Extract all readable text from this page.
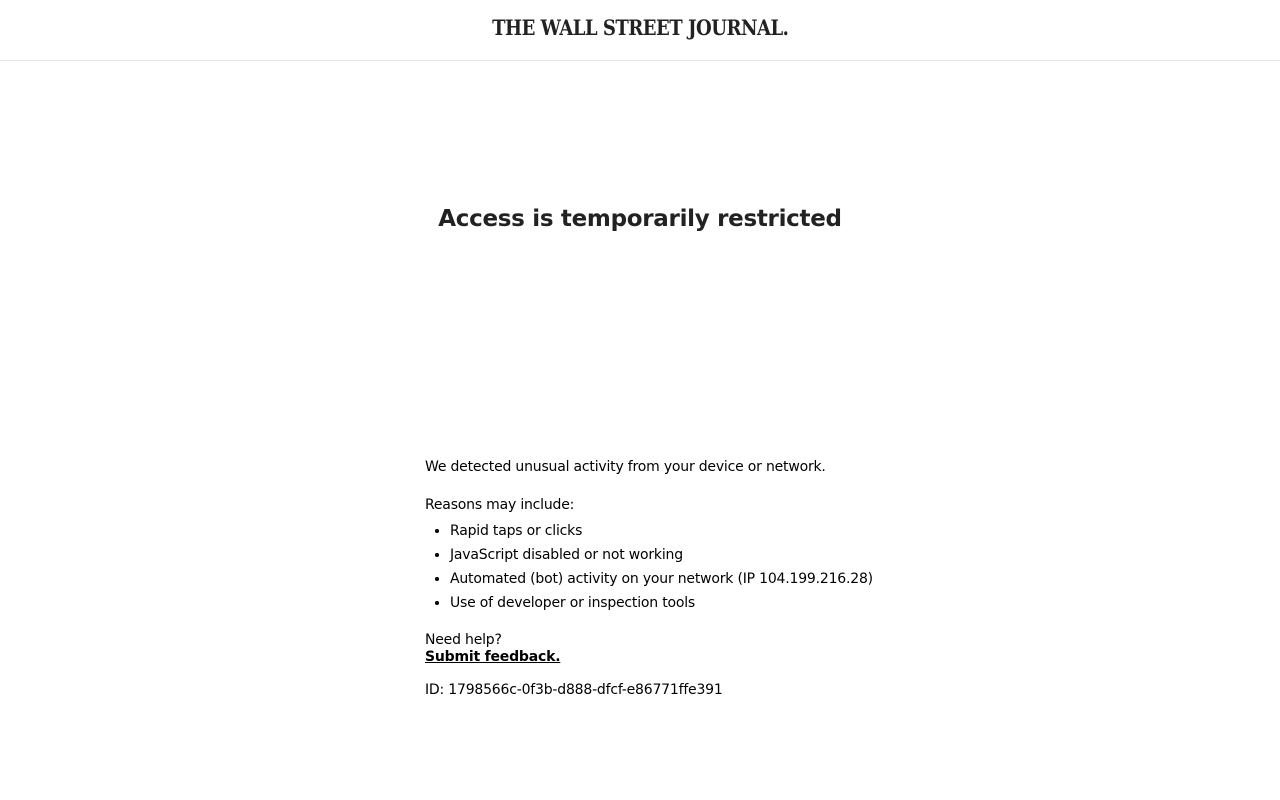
THE WALL STREET JOURNAL.
Access is temporarily restricted

We detected unusual activity from your device or network.

Reasons may include:

• Rapid taps or clicks
• JavaScript disabled or not working
• Automated (bot) activity on your network (IP 104.199.216.28)
• Use of developer or inspection tools
Need help?
Submit feedback.

ID: 1798566c-0f3b-d888-dfcf-e86771ffe391
